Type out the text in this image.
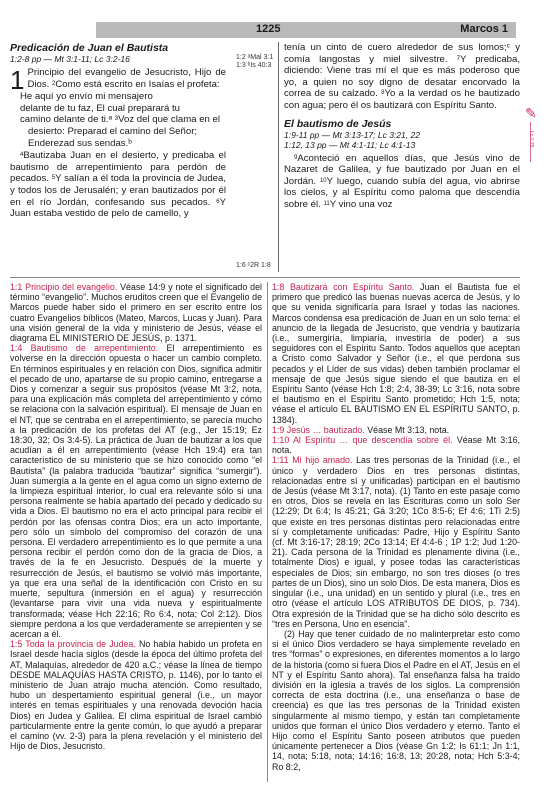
1225	Marcos 1

Predicación de Juan el Bautista

1:2-8 pp — Mt 3:1-11; Lc 3:2-16

1 Principio del evangelio de Jesucristo, Hijo de Dios. $^2$Como está escrito en Isaías el profeta:

He aquí yo envío mi mensajero

delante de tu faz, El cual preparará tu

camino delante de ti.ᵃ $^3$Voz del que clama en el desierto: Preparad el camino del Señor; Enderezad sus sendas.ᵇ

$^4$Bautizaba Juan en el desierto, y predicaba el bautismo de arrepentimiento para perdón de pecados. $^5$Y salían a él toda la provincia de Judea, y todos los de Jerusalén; y eran bautizados por él en el río Jordán, confesando sus pecados. $^6$Y Juan estaba vestido de pelo de camello, y

1:2 ᵃMal 3:1
1:3 ᵇIs 40:3
1:6 ᶜ2R 1:8

tenía un cinto de cuero alrededor de sus lomos;ᶜ y comía langostas y miel silvestre. $^7$Y predicaba, diciendo: Viene tras mí el que es más poderoso que yo, a quien no soy digno de desatar encorvado la correa de su calzado. $^8$Yo a la verdad os he bautizado con agua; pero él os bautizará con Espíritu Santo.

El bautismo de Jesús

1:9-11 pp — Mt 3:13-17; Lc 3:21, 22

1:12, 13 pp — Mt 4:1-11; Lc 4:1-13

$^9$Aconteció en aquellos días, que Jesús vino de Nazaret de Galilea, y fue bautizado por Juan en el Jordán. $^{10}$Y luego, cuando subía del agua, vio abrirse los cielos, y al Espíritu como paloma que descendía sobre él. $^{11}$Y vino una voz

✎
Lc 1:75

1:1 Principio del evangelio. Véase 14:9 y note el significado del término “evangelio”. Muchos eruditos creen que el Evangelio de Marcos puede haber sido el primero en ser escrito entre los cuatro Evangelios bíblicos (Mateo, Marcos, Lucas y Juan). Para una visión general de la vida y ministerio de Jesús, véase el diagrama EL MINISTERIO DE JESÚS, p. 1371.

1:4 Bautismo de arrepentimiento. El arrepentimiento es volverse en la dirección opuesta o hacer un cambio completo. En términos espirituales y en relación con Dios, significa admitir el pecado de uno, apartarse de su propio camino, entregarse a Dios y comenzar a seguir sus propósitos (véase Mt 3:2, nota, para una explicación más completa del arrepentimiento y cómo se relaciona con la salvación espiritual). El mensaje de Juan en el NT, que se centraba en el arrepentimiento, se parecía mucho a la predicación de los profetas del AT (e.g., Jer 15:19; Ez 18:30, 32; Os 3:4-5). La práctica de Juan de bautizar a los que acudían a él en arrepentimiento (véase Hch 19:4) era tan característico de su ministerio que se hizo conocido como “el Bautista” (la palabra traducida “bautizar” significa “sumergir”). Juan sumergía a la gente en el agua como un signo externo de la limpieza espiritual interior, lo cual era relevante sólo si una persona realmente se había apartado del pecado y dedicado su vida a Dios. El bautismo no era el acto principal para recibir el perdón por las ofensas contra Dios; era un acto importante, pero sólo un símbolo del compromiso del corazón de una persona. El verdadero arrepentimiento es lo que permite a una persona recibir el perdón como don de la gracia de Dios, a través de la fe en Jesucristo. Después de la muerte y resurrección de Jesús, el bautismo se volvió más importante, ya que era una señal de la identificación con Cristo en su muerte, sepultura (inmersión en el agua) y resurrección (levantarse para vivir una vida nueva y espiritualmente transformada; véase Hch 22:16; Ro 6:4, nota; Col 2:12). Dios siempre perdona a los que verdaderamente se arrepienten y se acercan a él.

1:5 Toda la provincia de Judea. No había habido un profeta en Israel desde hacía siglos (desde la época del último profeta del AT, Malaquías, alrededor de 420 a.C.; véase la línea de tiempo DESDE MALAQUÍAS HASTA CRISTO, p. 1146), por lo tanto el ministerio de Juan atrajo mucha atención. Como resultado, hubo un despertamiento espiritual general (i.e., un mayor interés en temas espirituales y una renovada devoción hacia Dios) en Judea y Galilea. El clima espiritual de Israel cambió particularmente entre la gente común, lo que ayudó a preparar el camino (vv. 2-3) para la plena revelación y el ministerio del Hijo de Dios, Jesucristo.

1:8 Bautizará con Espíritu Santo. Juan el Bautista fue el primero que predicó las buenas nuevas acerca de Jesús, y lo que su venida significaría para Israel y todas las naciones. Marcos condensa esa predicación de Juan en un solo tema: el anuncio de la llegada de Jesucristo, que vendría y bautizaría (i.e., sumergiría, limpiaría, investiría de poder) a sus seguidores con el Espíritu Santo. Todos aquellos que aceptan a Cristo como Salvador y Señor (i.e., el que perdona sus pecados y el Líder de sus vidas) deben también proclamar el mensaje de que Jesús sigue siendo el que bautiza en el Espíritu Santo (véase Hch 1:8; 2:4, 38-39; Lc 3:16, nota sobre el bautismo en el Espíritu Santo prometido; Hch 1:5, nota; véase el artículo EL BAUTISMO EN EL ESPÍRITU SANTO, p. 1384).

1:9 Jesús … bautizado. Véase Mt 3:13, nota.

1:10 Al Espíritu … que descendía sobre él. Véase Mt 3:16, nota.

1:11 Mi hijo amado. Las tres personas de la Trinidad (i.e., el único y verdadero Dios en tres personas distintas, relacionadas entre sí y unificadas) participan en el bautismo de Jesús (véase Mt 3:17, nota). (1) Tanto en este pasaje como en otros, Dios se revela en las Escrituras como un solo Ser (12:29; Dt 6:4; Is 45:21; Gá 3:20; 1Co 8:5-6; Ef 4:6; 1Ti 2:5) que existe en tres personas distintas pero relacionadas entre sí y completamente unificadas: Padre, Hijo y Espíritu Santo (cf. Mt 3:16-17; 28:19; 2Co 13:14; Ef 4:4-6 ; 1P 1:2; Jud 1:20-21). Cada persona de la Trinidad es plenamente divina (i.e., totalmente Dios) e igual, y posee todas las características especiales de Dios; sin embargo, no son tres dioses (o tres partes de un Dios), sino un solo Dios. De esta manera, Dios es singular (i.e., una unidad) en un sentido y plural (i.e., tres en otro (véase el artículo LOS ATRIBUTOS DE DIOS, p. 734). Otra expresión de la Trinidad que se ha dicho sólo descrito es “tres en Persona, Uno en esencia”.

(2) Hay que tener cuidado de no malinterpretar esto como si el único Dios verdadero se haya simplemente revelado en tres “formas” o expresiones, en diferentes momentos a lo largo de la historia (como si fuera Dios el Padre en el AT, Jesús en el NT y el Espíritu Santo ahora). Tal enseñanza falsa ha traído división en la iglesia a través de los siglos. La comprensión correcta de esta doctrina (i.e., una enseñanza o base de creencia) es que las tres personas de la Trinidad existen singularmente al mismo tiempo, y están tan completamente unidos que forman el único Dios verdadero y eterno. Tanto el Hijo como el Espíritu Santo poseen atributos que pueden únicamente pertenecer a Dios (véase Gn 1:2; Is 61:1; Jn 1:1, 14, nota; 5:18, nota; 14:16; 16:8, 13; 20:28, nota; Hch 5:3-4; Ro 8:2,
